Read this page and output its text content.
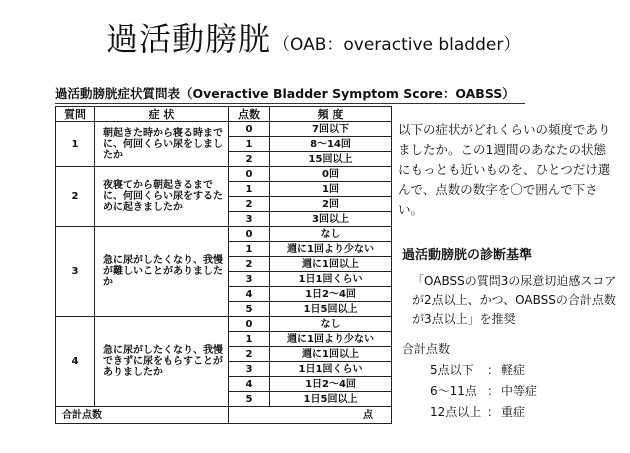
過活動膀胱 （OAB：overactive bladder）
過活動膀胱症状質問表（Overactive Bladder Symptom Score：OABSS）
質問	症 状	点数	頻 度
1	朝起きた時から寝る時までに、何回くらい尿をしましたか	0	7回以下
		1	8〜14回
		2	15回以上
2	夜寝てから朝起きるまでに、何回くらい尿をするために起きましたか	0	0回
		1	1回
		2	2回
		3	3回以上
3	急に尿がしたくなり、我慢が難しいことがありましたか	0	なし
		1	週に1回より少ない
		2	週に1回以上
		3	1日1回くらい
		4	1日2〜4回
		5	1日5回以上
4	急に尿がしたくなり、我慢できずに尿をもらすことがありましたか	0	なし
		1	週に1回より少ない
		2	週に1回以上
		3	1日1回くらい
		4	1日2〜4回
		5	1日5回以上
合計点数		点	
以下の症状がどれくらいの頻度でありましたか。この1週間のあなたの状態にもっとも近いものを、ひとつだけ選んで、点数の数字を〇で囲んで下さい。
過活動膀胱の診断基準
「OABSSの質問3の尿意切迫感スコアが2点以上、かつ、OABSSの合計点数が3点以上」を推奨
合計点数
5点以下 ： 軽症
6〜11点 ： 中等症
12点以上 ： 重症
